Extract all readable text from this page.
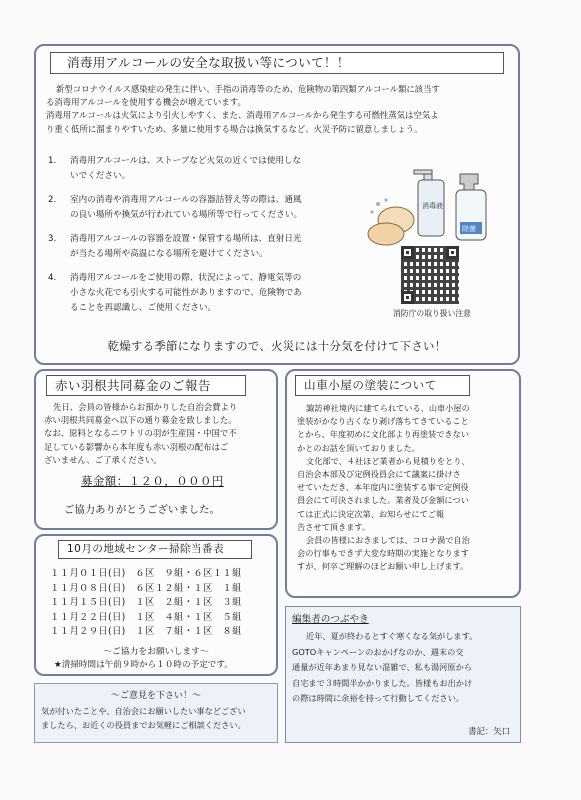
消毒用アルコールの安全な取扱い等について！！

新型コロナウイルス感染症の発生に伴い、手指の消毒等のため、危険物の第四類アルコール類に該当す

る消毒用アルコールを使用する機会が増えています。

消毒用アルコールは火気により引火しやすく、また、消毒用アルコールから発生する可燃性蒸気は空気よ

り重く低所に溜まりやすいため、多量に使用する場合は換気するなど、火災予防に留意しましょう。

1.	消毒用アルコールは、ストーブなど火気の近くでは使用しな
いでください。
2.	室内の消毒や消毒用アルコールの容器詰替え等の際は、通風
の良い場所や換気が行われている場所等で行ってください。
3.	消毒用アルコールの容器を設置・保管する場所は、直射日光
が当たる場所や高温になる場所を避けてください。
4.	消毒用アルコールをご使用の際、状況によって、静電気等の
小さな火花でも引火する可能性がありますので、危険物であ
ることを再認識し、ご使用ください。
消毒液
除菌
消防庁の取り扱い注意
乾燥する季節になりますので、火災には十分気を付けて下さい！
赤い羽根共同募金のご報告

先日、会員の皆様からお預かりした自治会費より

赤い羽根共同募金へ以下の通り募金を致しました。

なお、原料となるニワトリの羽が生産国・中国で不

足している影響から本年度も赤い羽根の配布はご

ざいません、ご了承ください。

募金額：１２０，０００円
ご協力ありがとうございました。
10月の地域センター掃除当番表
１１月０１日(日)　６区　９組・６区１１組
１１月０８日(日)　６区１２組・１区　１組
１１月１５日(日)　１区　２組・１区　３組
１１月２２日(日)　１区　４組・１区　５組
１１月２９日(日)　１区　７組・１区　８組
～ご協力をお願いします～
★清掃時間は午前９時から１０時の予定です。
～ご意見を下さい！～

気が付いたことや、自治会にお願いしたい事などござい

ましたら、お近くの役員までお気軽にご相談ください。

山車小屋の塗装について

諏訪神社境内に建てられている、山車小屋の

塗装がかなり古くなり剥げ落ちてきていること

とから、年度初めに文化部より再塗装できない

かとのお話を頂いておりました。

文化部で、４社ほど業者から見積りをとり、

自治会本部及び定例役員会にて議案に掛けさ

せていただき、本年度内に塗装する事で定例役

員会にて可決されました。業者及び金額につい

ては正式に決定次第、お知らせにてご報

告させて頂きます。

会員の皆様におきましては、コロナ渦で自治

会の行事もできず大変な時期の実施となります

すが、何卒ご理解のほどお願い申し上げます。

編集者のつぶやき

近年、夏が終わるとすぐ寒くなる気がします。

GOTOキャンペーンのおかげなのか、週末の交

通量が近年あまり見ない混雑で、私も湯河原から

自宅まで３時間半かかりました。皆様もお出かけ

の際は時間に余裕を持って行動してください。

書記：矢口
